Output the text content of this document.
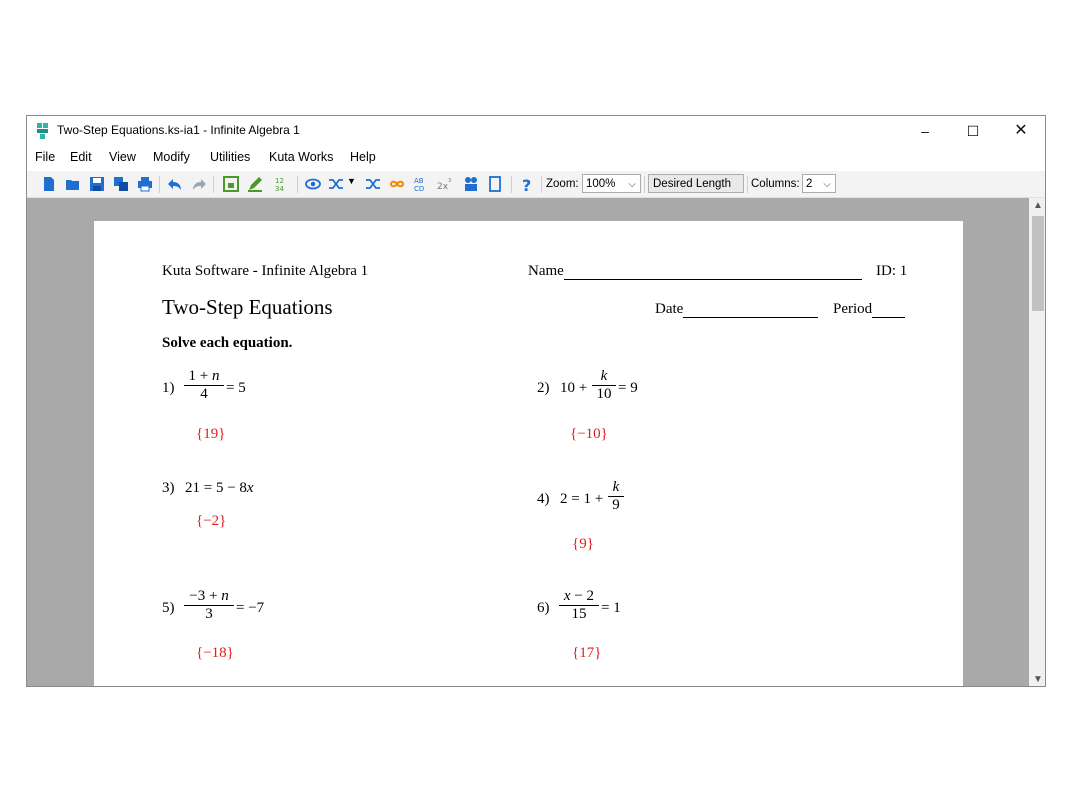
Two-Step Equations.ks-ia1 - Infinite Algebra 1	–	☐	✕
File Edit View Modify Utilities Kuta Works Help
12
34
▼	AB
CD 2x
3	? Zoom: 100% ⌵	Desired Length	Columns: 2 ⌵
Kuta Software - Infinite Algebra 1	Name	ID: 1
Two-Step Equations	Date	Period
Solve each equation.
1)
1 + n
4	= 5
{19}
2) 10 +
k
10 = 9
{−10}
3) 21 = 5 − 8x
{−2}
4) 2 = 1 +
k
9
{9}
5)
−3 + n
3	= −7
{−18}
6)
x − 2
15 = 1
{17}
▲
▼
